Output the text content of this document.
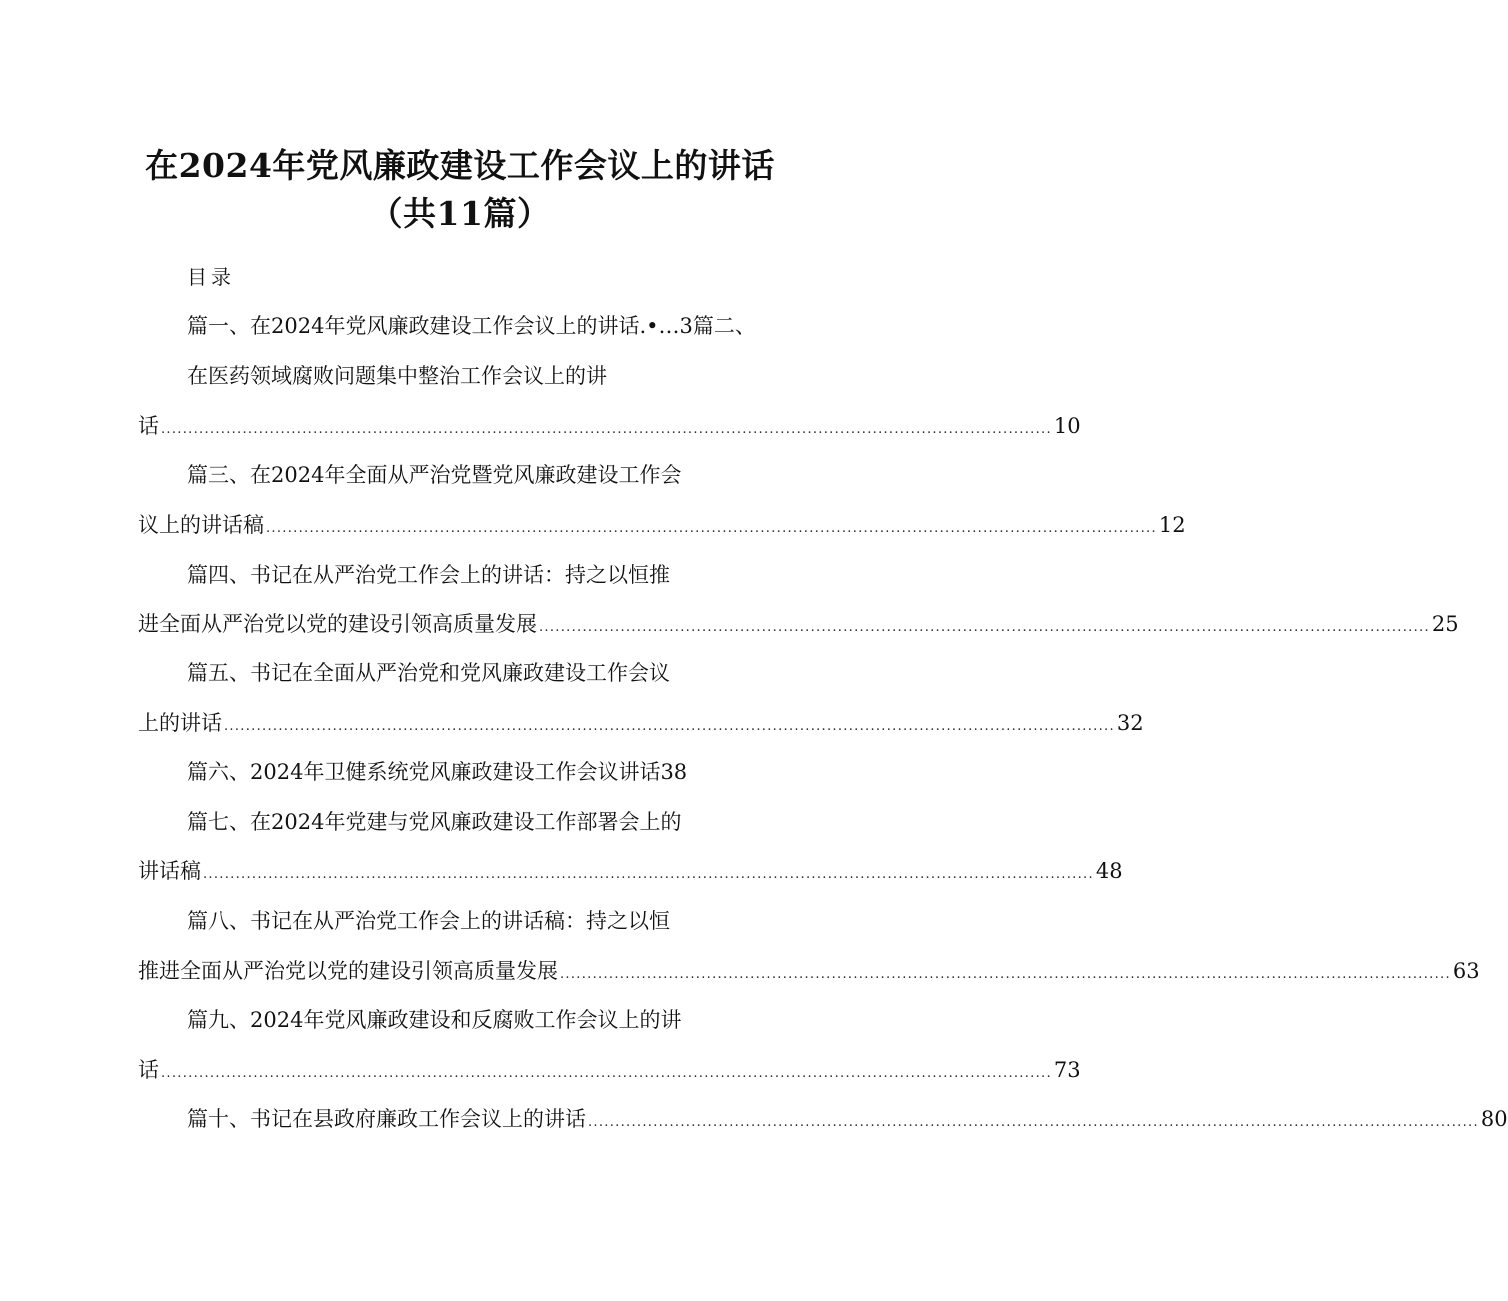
在2024年党风廉政建设工作会议上的讲话
（共11篇）
目录
篇一、在2024年党风廉政建设工作会议上的讲话.•…3篇二、
在医药领域腐败问题集中整治工作会议上的讲
话 .................................................................................................................................................................... 10
篇三、在2024年全面从严治党暨党风廉政建设工作会
议上的讲话稿 .................................................................................................................................................................... 12
篇四、书记在从严治党工作会上的讲话：持之以恒推
进全面从严治党以党的建设引领高质量发展 .................................................................................................................................................................... 25
篇五、书记在全面从严治党和党风廉政建设工作会议
上的讲话 .................................................................................................................................................................... 32
篇六、2024年卫健系统党风廉政建设工作会议讲话38
篇七、在2024年党建与党风廉政建设工作部署会上的
讲话稿 .................................................................................................................................................................... 48
篇八、书记在从严治党工作会上的讲话稿：持之以恒
推进全面从严治党以党的建设引领高质量发展 .................................................................................................................................................................... 63
篇九、2024年党风廉政建设和反腐败工作会议上的讲
话 .................................................................................................................................................................... 73
篇十、书记在县政府廉政工作会议上的讲话 .................................................................................................................................................................... 80
